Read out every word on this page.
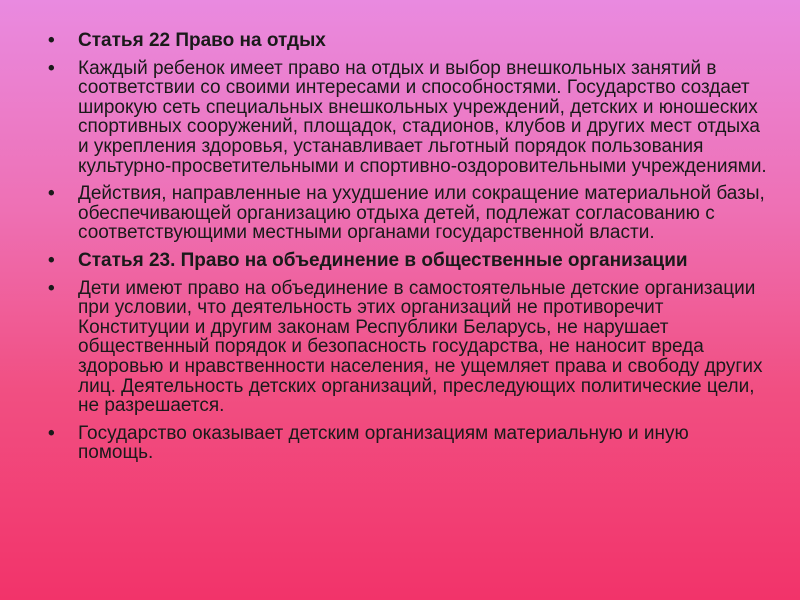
•	Статья 22 Право на отдых
•	Каждый ребенок имеет право на отдых и выбор внешкольных занятий в соответствии со своими интересами и способностями. Государство создает широкую сеть специальных внешкольных учреждений, детских и юношеских спортивных сооружений, площадок, стадионов, клубов и других мест отдыха и укрепления здоровья, устанавливает льготный порядок пользования культурно-просветительными и спортивно-оздоровительными учреждениями.
•	Действия, направленные на ухудшение или сокращение материальной базы, обеспечивающей организацию отдыха детей, подлежат согласованию с соответствующими местными органами государственной власти.
•	Статья 23. Право на объединение в общественные организации
•	Дети имеют право на объединение в самостоятельные детские организации при условии, что деятельность этих организаций не противоречит Конституции и другим законам Республики Беларусь, не нарушает общественный порядок и безопасность государства, не наносит вреда здоровью и нравственности населения, не ущемляет права и свободу других лиц. Деятельность детских организаций, преследующих политические цели, не разрешается.
•	Государство оказывает детским организациям материальную и иную помощь.
